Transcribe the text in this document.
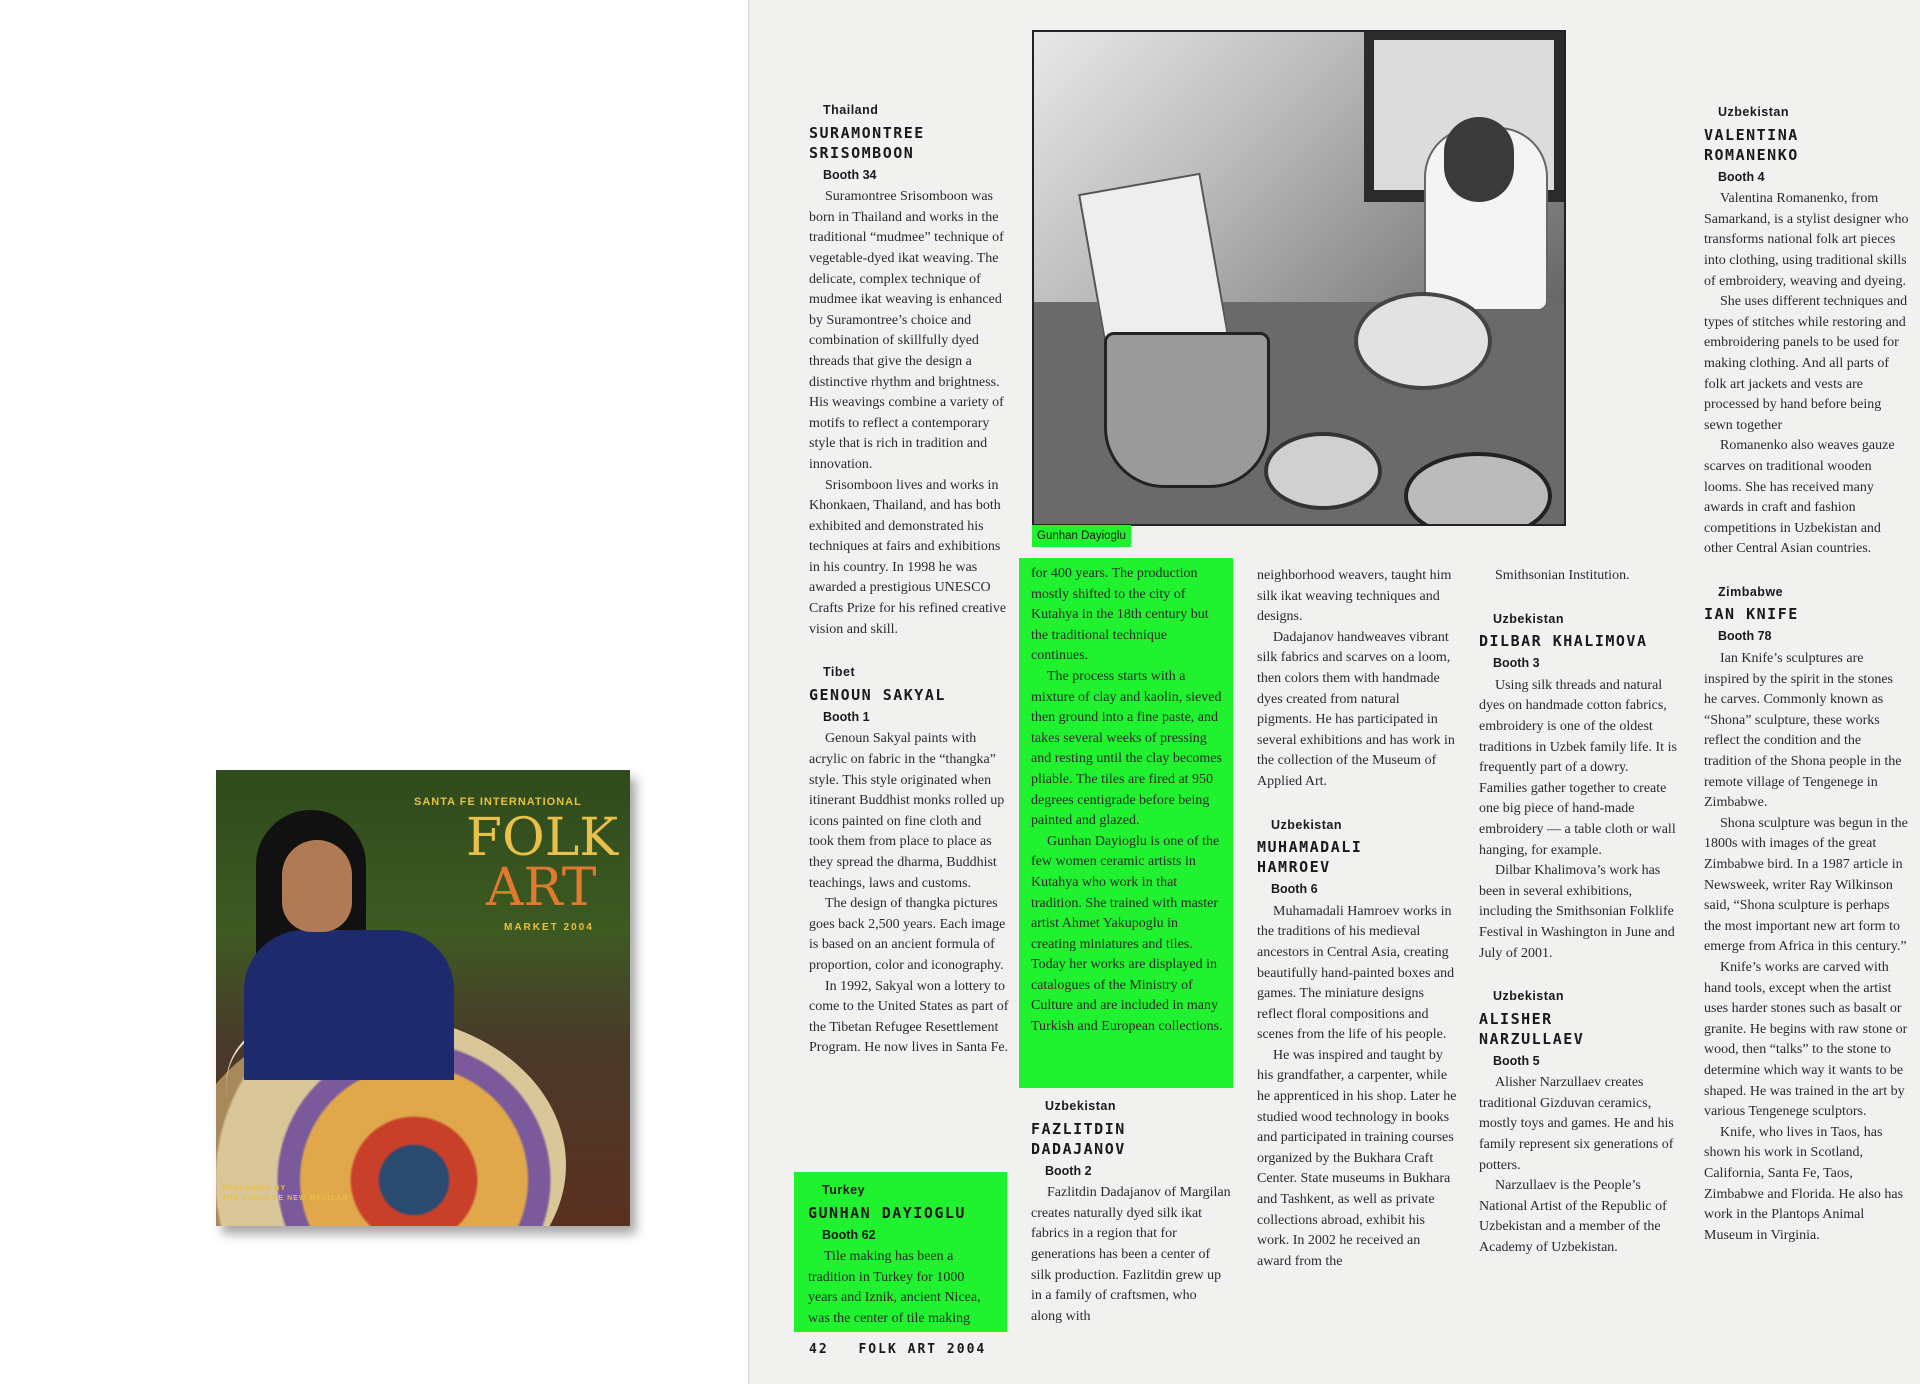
SANTA FE INTERNATIONAL
FOLK
ART
MARKET 2004
PUBLISHED BY
THE SANTA FE NEW MEXICAN
Thailand
SURAMONTREE
SRISOMBOON
Booth 34

Suramontree Srisomboon was born in Thailand and works in the traditional “mudmee” technique of vegetable-dyed ikat weaving. The delicate, complex technique of mudmee ikat weaving is enhanced by Suramontree’s choice and combination of skillfully dyed threads that give the design a distinctive rhythm and brightness. His weavings combine a variety of motifs to reflect a contemporary style that is rich in tradition and innovation.

Srisomboon lives and works in Khonkaen, Thailand, and has both exhibited and demonstrated his techniques at fairs and exhibitions in his country. In 1998 he was awarded a prestigious UNESCO Crafts Prize for his refined creative vision and skill.

Tibet
GENOUN SAKYAL
Booth 1

Genoun Sakyal paints with acrylic on fabric in the “thangka” style. This style originated when itinerant Buddhist monks rolled up icons painted on fine cloth and took them from place to place as they spread the dharma, Buddhist teachings, laws and customs.

The design of thangka pictures goes back 2,500 years. Each image is based on an ancient formula of proportion, color and iconography.

In 1992, Sakyal won a lottery to come to the United States as part of the Tibetan Refugee Resettlement Program. He now lives in Santa Fe.

Turkey
GUNHAN DAYIOGLU
Booth 62

Tile making has been a tradition in Turkey for 1000 years and Iznik, ancient Nicea, was the center of tile making

Gunhan Dayioglu

for 400 years. The production mostly shifted to the city of Kutahya in the 18th century but the traditional technique continues.

The process starts with a mixture of clay and kaolin, sieved then ground into a fine paste, and takes several weeks of pressing and resting until the clay becomes pliable. The tiles are fired at 950 degrees centigrade before being painted and glazed.

Gunhan Dayioglu is one of the few women ceramic artists in Kutahya who work in that tradition. She trained with master artist Ahmet Yakupoglu in creating miniatures and tiles. Today her works are displayed in catalogues of the Ministry of Culture and are included in many Turkish and European collections.

Uzbekistan
FAZLITDIN
DADAJANOV
Booth 2

Fazlitdin Dadajanov of Margilan creates naturally dyed silk ikat fabrics in a region that for generations has been a center of silk production. Fazlitdin grew up in a family of craftsmen, who along with

neighborhood weavers, taught him silk ikat weaving techniques and designs.

Dadajanov handweaves vibrant silk fabrics and scarves on a loom, then colors them with handmade dyes created from natural pigments. He has participated in several exhibitions and has work in the collection of the Museum of Applied Art.

Uzbekistan
MUHAMADALI
HAMROEV
Booth 6

Muhamadali Hamroev works in the traditions of his medieval ancestors in Central Asia, creating beautifully hand-painted boxes and games. The miniature designs reflect floral compositions and scenes from the life of his people.

He was inspired and taught by his grandfather, a carpenter, while he apprenticed in his shop. Later he studied wood technology in books and participated in training courses organized by the Bukhara Craft Center. State museums in Bukhara and Tashkent, as well as private collections abroad, exhibit his work. In 2002 he received an award from the

Smithsonian Institution.

Uzbekistan
DILBAR KHALIMOVA
Booth 3

Using silk threads and natural dyes on handmade cotton fabrics, embroidery is one of the oldest traditions in Uzbek family life. It is frequently part of a dowry. Families gather together to create one big piece of hand-made embroidery — a table cloth or wall hanging, for example.

Dilbar Khalimova’s work has been in several exhibitions, including the Smithsonian Folklife Festival in Washington in June and July of 2001.

Uzbekistan
ALISHER
NARZULLAEV
Booth 5

Alisher Narzullaev creates traditional Gizduvan ceramics, mostly toys and games. He and his family represent six generations of potters.

Narzullaev is the People’s National Artist of the Republic of Uzbekistan and a member of the Academy of Uzbekistan.

Uzbekistan
VALENTINA
ROMANENKO
Booth 4

Valentina Romanenko, from Samarkand, is a stylist designer who transforms national folk art pieces into clothing, using traditional skills of embroidery, weaving and dyeing.

She uses different techniques and types of stitches while restoring and embroidering panels to be used for making clothing. And all parts of folk art jackets and vests are processed by hand before being sewn together

Romanenko also weaves gauze scarves on traditional wooden looms. She has received many awards in craft and fashion competitions in Uzbekistan and other Central Asian countries.

Zimbabwe
IAN KNIFE
Booth 78

Ian Knife’s sculptures are inspired by the spirit in the stones he carves. Commonly known as “Shona” sculpture, these works reflect the condition and the tradition of the Shona people in the remote village of Tengenege in Zimbabwe.

Shona sculpture was begun in the 1800s with images of the great Zimbabwe bird. In a 1987 article in Newsweek, writer Ray Wilkinson said, “Shona sculpture is perhaps the most important new art form to emerge from Africa in this century.”

Knife’s works are carved with hand tools, except when the artist uses harder stones such as basalt or granite. He begins with raw stone or wood, then “talks” to the stone to determine which way it wants to be shaped. He was trained in the art by various Tengenege sculptors.

Knife, who lives in Taos, has shown his work in Scotland, California, Santa Fe, Taos, Zimbabwe and Florida. He also has work in the Plantops Animal Museum in Virginia.

42 FOLK ART 2004
